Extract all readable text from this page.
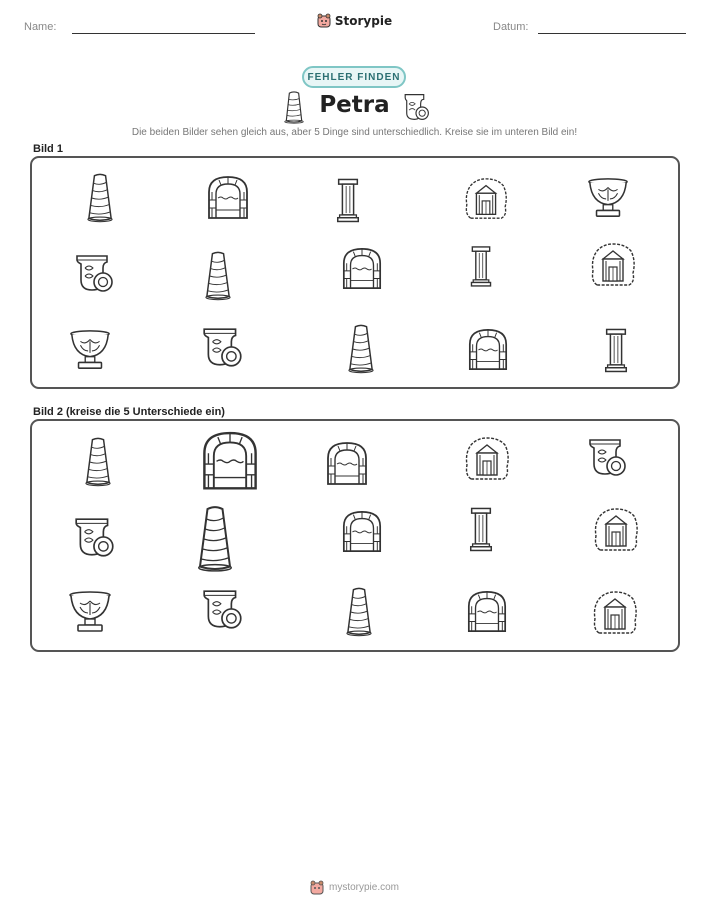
Name:	Datum:
Storypie
FEHLER FINDEN
Petra
Die beiden Bilder sehen gleich aus, aber 5 Dinge sind unterschiedlich. Kreise sie im unteren Bild ein!
Bild 1
Bild 2 (kreise die 5 Unterschiede ein)
mystorypie.com
